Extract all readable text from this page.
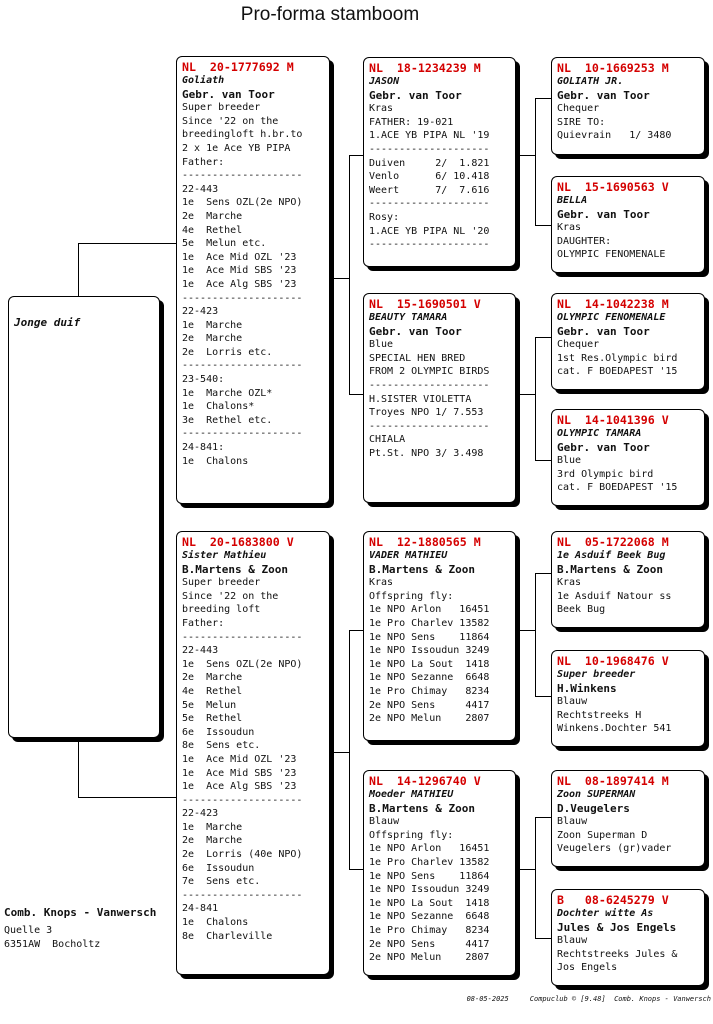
Pro-forma stamboom
Jonge duif
NL  20-1777692 M
Goliath
Gebr. van Toor
Super breeder
Since '22 on the
breedingloft h.br.to
2 x 1e Ace YB PIPA
Father:
--------------------
22-443
1e  Sens OZL(2e NPO)
2e  Marche
4e  Rethel
5e  Melun etc.
1e  Ace Mid OZL '23
1e  Ace Mid SBS '23
1e  Ace Alg SBS '23
--------------------
22-423
1e  Marche
2e  Marche
2e  Lorris etc.
--------------------
23-540:
1e  Marche OZL*
1e  Chalons*
3e  Rethel etc.
--------------------
24-841:
1e  Chalons
NL  20-1683800 V
Sister Mathieu
B.Martens & Zoon
Super breeder
Since '22 on the
breeding loft
Father:
--------------------
22-443
1e  Sens OZL(2e NPO)
2e  Marche
4e  Rethel
5e  Melun
5e  Rethel
6e  Issoudun
8e  Sens etc.
1e  Ace Mid OZL '23
1e  Ace Mid SBS '23
1e  Ace Alg SBS '23
--------------------
22-423
1e  Marche
2e  Marche
2e  Lorris (40e NPO)
6e  Issoudun
7e  Sens etc.
--------------------
24-841
1e  Chalons
8e  Charleville
NL  18-1234239 M
JASON
Gebr. van Toor
Kras
FATHER: 19-021
1.ACE YB PIPA NL '19
--------------------
Duiven     2/  1.821
Venlo      6/ 10.418
Weert      7/  7.616
--------------------
Rosy:
1.ACE YB PIPA NL '20
--------------------
NL  15-1690501 V
BEAUTY TAMARA
Gebr. van Toor
Blue
SPECIAL HEN BRED
FROM 2 OLYMPIC BIRDS
--------------------
H.SISTER VIOLETTA
Troyes NPO 1/ 7.553
--------------------
CHIALA
Pt.St. NPO 3/ 3.498
NL  12-1880565 M
VADER MATHIEU
B.Martens & Zoon
Kras
Offspring fly:
1e NPO Arlon   16451
1e Pro Charlev 13582
1e NPO Sens    11864
1e NPO Issoudun 3249
1e NPO La Sout  1418
1e NPO Sezanne  6648
1e Pro Chimay   8234
2e NPO Sens     4417
2e NPO Melun    2807
NL  14-1296740 V
Moeder MATHIEU
B.Martens & Zoon
Blauw
Offspring fly:
1e NPO Arlon   16451
1e Pro Charlev 13582
1e NPO Sens    11864
1e NPO Issoudun 3249
1e NPO La Sout  1418
1e NPO Sezanne  6648
1e Pro Chimay   8234
2e NPO Sens     4417
2e NPO Melun    2807
NL  10-1669253 M
GOLIATH JR.
Gebr. van Toor
Chequer
SIRE TO:
Quievrain   1/ 3480
NL  15-1690563 V
BELLA
Gebr. van Toor
Kras
DAUGHTER:
OLYMPIC FENOMENALE
NL  14-1042238 M
OLYMPIC FENOMENALE
Gebr. van Toor
Chequer
1st Res.Olympic bird
cat. F BOEDAPEST '15
NL  14-1041396 V
OLYMPIC TAMARA
Gebr. van Toor
Blue
3rd Olympic bird
cat. F BOEDAPEST '15
NL  05-1722068 M
1e Asduif Beek Bug
B.Martens & Zoon
Kras
1e Asduif Natour ss
Beek Bug
NL  10-1968476 V
Super breeder
H.Winkens
Blauw
Rechtstreeks H
Winkens.Dochter 541
NL  08-1897414 M
Zoon SUPERMAN
D.Veugelers
Blauw
Zoon Superman D
Veugelers (gr)vader
B   08-6245279 V
Dochter witte As
Jules & Jos Engels
Blauw
Rechtstreeks Jules &
Jos Engels
Comb. Knops - Vanwersch
Quelle 3
6351AW  Bocholtz
08-05-2025     Compuclub © [9.48]  Comb. Knops - Vanwersch
